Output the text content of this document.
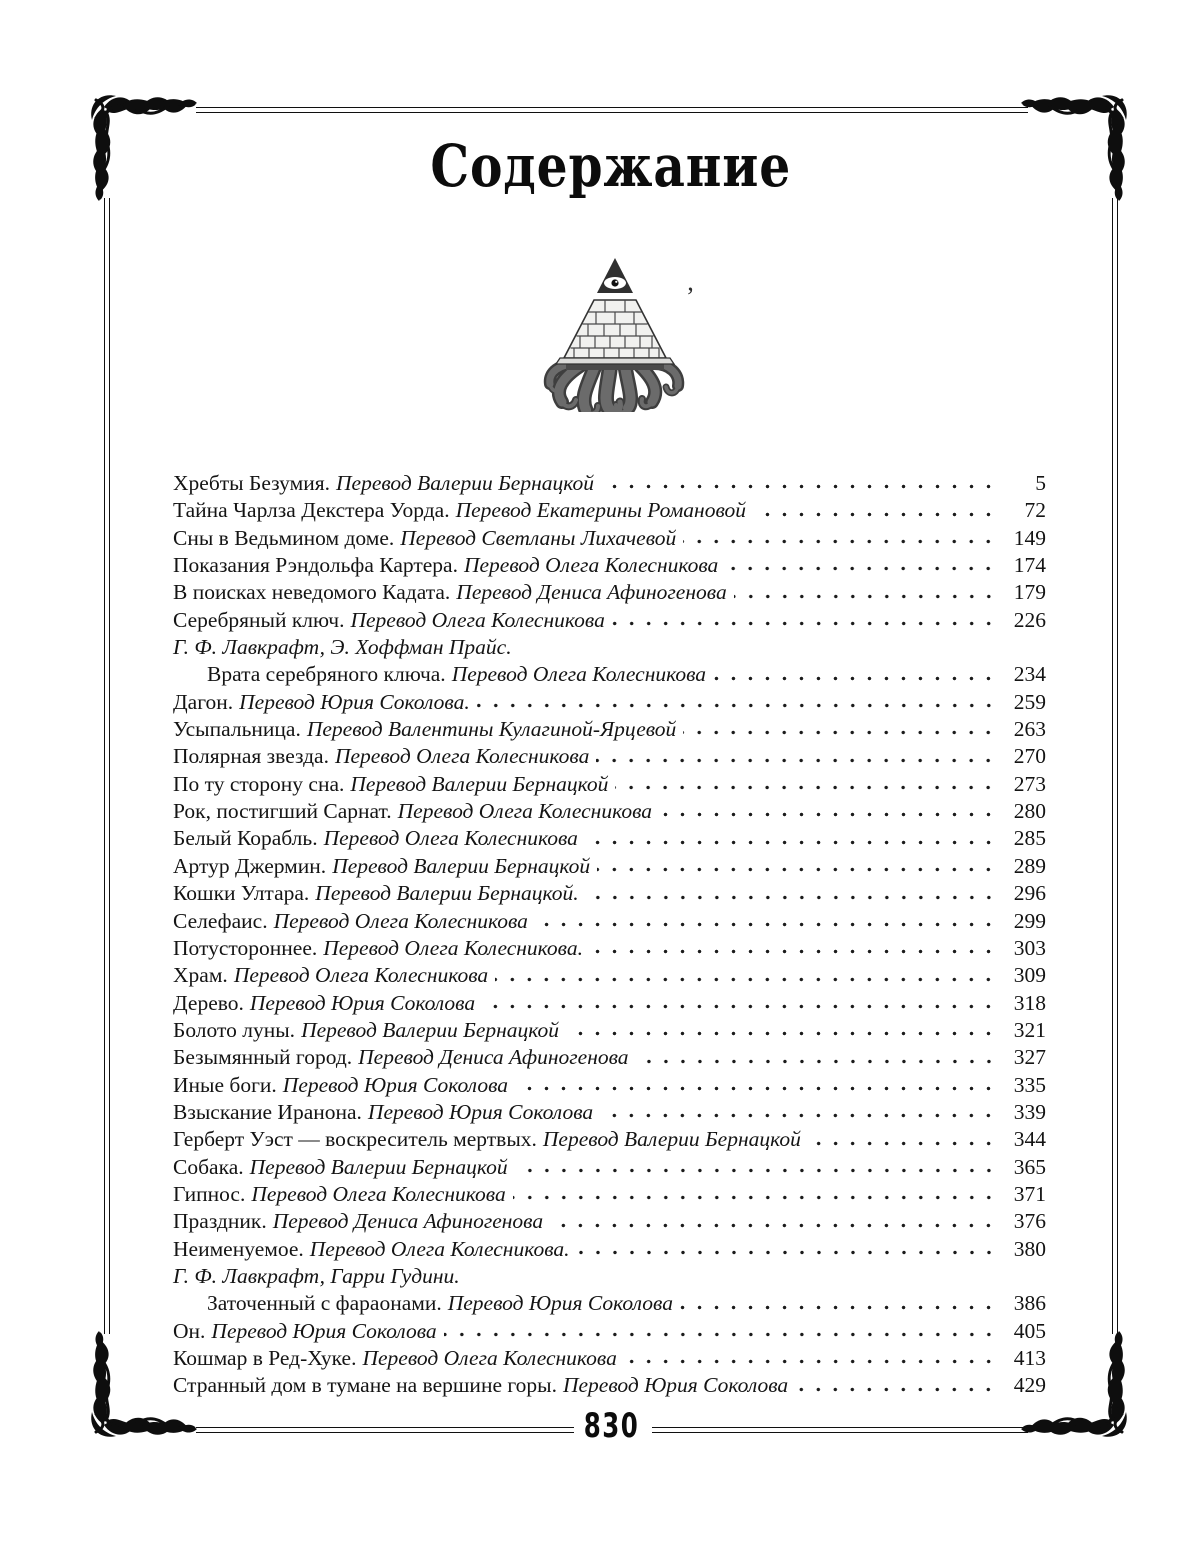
Содержание
’
Хребты Безумия. Перевод Валерии Бернацкой	5
Тайна Чарлза Декстера Уорда. Перевод Екатерины Романовой	72
Сны в Ведьмином доме. Перевод Светланы Лихачевой	149
Показания Рэндольфа Картера. Перевод Олега Колесникова	174
В поисках неведомого Кадата. Перевод Дениса Афиногенова	179
Серебряный ключ. Перевод Олега Колесникова	226
Г. Ф. Лавкрафт, Э. Хоффман Прайс.
Врата серебряного ключа. Перевод Олега Колесникова	234
Дагон. Перевод Юрия Соколова.	259
Усыпальница. Перевод Валентины Кулагиной-Ярцевой	263
Полярная звезда. Перевод Олега Колесникова	270
По ту сторону сна. Перевод Валерии Бернацкой	273
Рок, постигший Сарнат. Перевод Олега Колесникова	280
Белый Корабль. Перевод Олега Колесникова	285
Артур Джермин. Перевод Валерии Бернацкой	289
Кошки Ултара. Перевод Валерии Бернацкой.	296
Селефаис. Перевод Олега Колесникова	299
Потустороннее. Перевод Олега Колесникова.	303
Храм. Перевод Олега Колесникова	309
Дерево. Перевод Юрия Соколова	318
Болото луны. Перевод Валерии Бернацкой	321
Безымянный город. Перевод Дениса Афиногенова	327
Иные боги. Перевод Юрия Соколова	335
Взыскание Иранона. Перевод Юрия Соколова	339
Герберт Уэст — воскреситель мертвых. Перевод Валерии Бернацкой	344
Собака. Перевод Валерии Бернацкой	365
Гипнос. Перевод Олега Колесникова	371
Праздник. Перевод Дениса Афиногенова	376
Неименуемое. Перевод Олега Колесникова.	380
Г. Ф. Лавкрафт, Гарри Гудини.
Заточенный с фараонами. Перевод Юрия Соколова	386
Он. Перевод Юрия Соколова	405
Кошмар в Ред-Хуке. Перевод Олега Колесникова	413
Странный дом в тумане на вершине горы. Перевод Юрия Соколова	429
830
